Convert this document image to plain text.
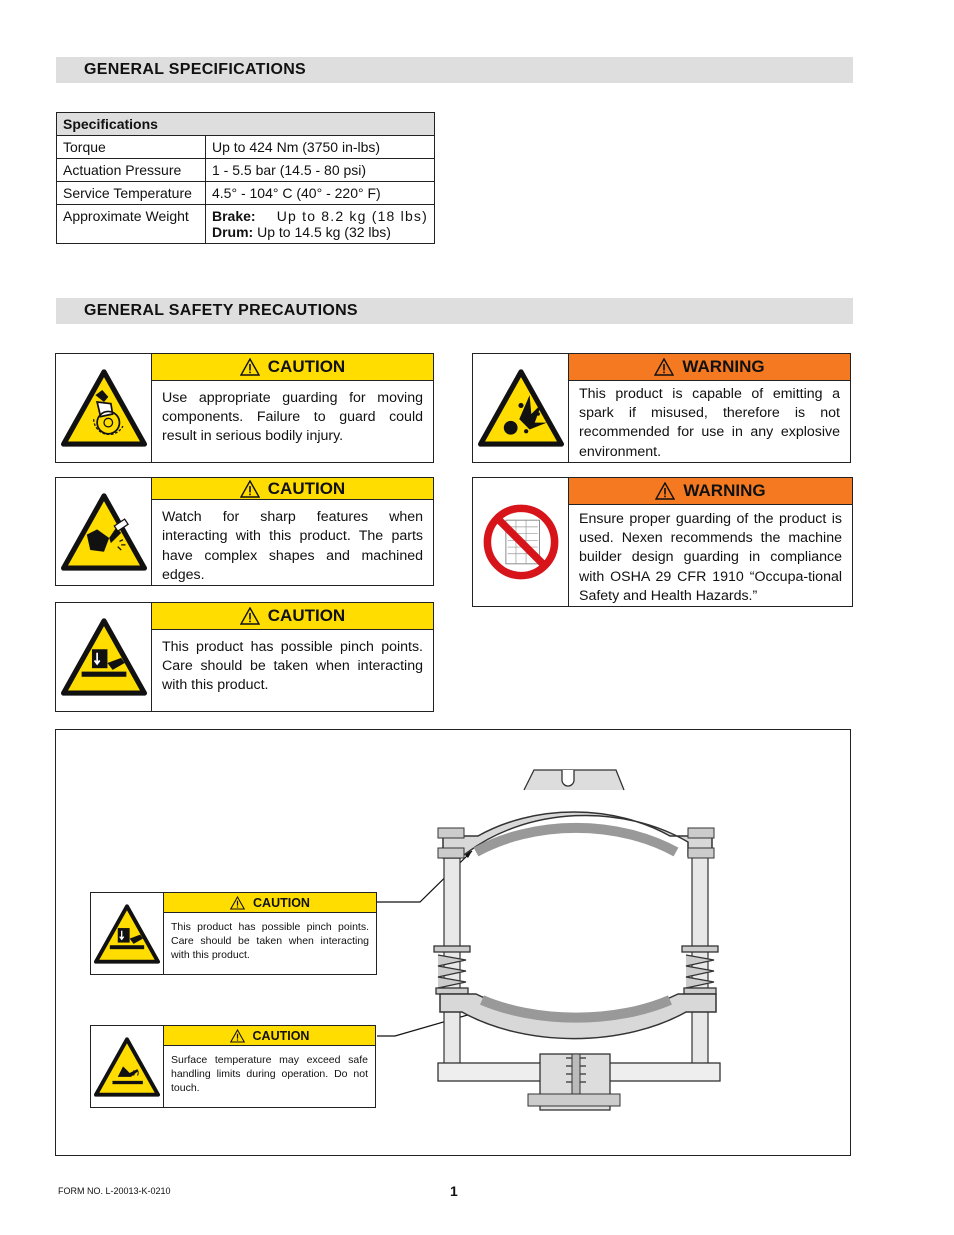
GENERAL SPECIFICATIONS
GENERAL SAFETY PRECAUTIONS
Specifications	
Torque	Up to 424 Nm (3750 in-lbs)
Actuation Pressure	1 - 5.5 bar (14.5 - 80 psi)
Service Temperature	4.5° - 104° C (40° - 220° F)
Approximate Weight	Brake: Up to 8.2 kg (18 lbs)
Drum: Up to 14.5 kg (32 lbs)
CAUTION
Use appropriate guarding for moving components. Failure to guard could result in serious bodily injury.
CAUTION
Watch for sharp features when interacting with this product. The parts have complex shapes and machined edges.
CAUTION
This product has possible pinch points. Care should be taken when interacting with this product.
WARNING
This product is capable of emitting a spark if misused, therefore is not recommended for use in any explosive environment.
WARNING
Ensure proper guarding of the product is used. Nexen recommends the machine builder design guarding in compliance with OSHA 29 CFR 1910 “Occupa-tional Safety and Health Hazards.”
CAUTION
This product has possible pinch points. Care should be taken when interacting with this product.
CAUTION
Surface temperature may exceed safe handling limits during operation. Do not touch.
FORM NO. L-20013-K-0210	1
